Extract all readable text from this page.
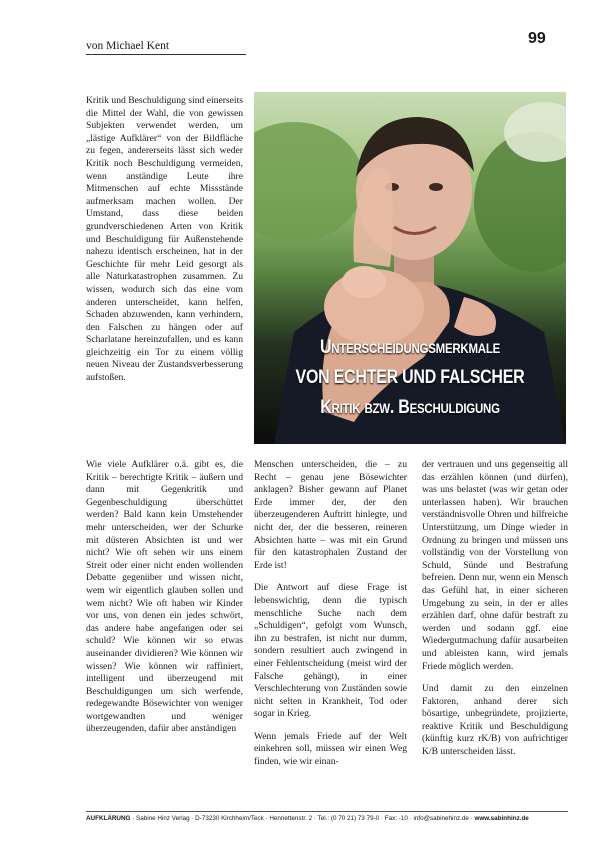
von Michael Kent	99

Kritik und Beschuldigung sind einerseits die Mittel der Wahl, die von gewissen Subjekten verwendet werden, um „lästige Aufklärer“ von der Bildfläche zu fegen, andererseits lässt sich weder Kritik noch Beschuldigung vermeiden, wenn anständige Leute ihre Mitmenschen auf echte Missstände aufmerksam machen wollen. Der Umstand, dass diese beiden grundverschiedenen Arten von Kritik und Beschuldigung für Außenstehende nahezu identisch erscheinen, hat in der Geschichte für mehr Leid gesorgt als alle Naturkatastrophen zusammen. Zu wissen, wodurch sich das eine vom anderen unterscheidet, kann helfen, Schaden abzuwenden, kann verhindern, den Falschen zu hängen oder auf Scharlatane hereinzufallen, und es kann gleichzeitig ein Tor zu einem völlig neuen Niveau der Zustandsverbesserung aufstoßen.

Unterscheidungsmerkmale
VON ECHTER UND FALSCHER
Kritik bzw. Beschuldigung

Wie viele Aufklärer o.ä. gibt es, die Kritik – berechtigte Kritik – äußern und dann mit Gegenkritik und Gegenbeschuldigung überschüttet werden? Bald kann kein Umstehender mehr unterscheiden, wer der Schurke mit düsteren Absichten ist und wer nicht? Wie oft sehen wir uns einem Streit oder einer nicht enden wollenden Debatte gegenüber und wissen nicht, wem wir eigentlich glauben sollen und wem nicht? Wie oft haben wir Kinder vor uns, von denen ein jedes schwört, das andere habe angefangen oder sei schuld? Wie können wir so etwas auseinander dividieren? Wie können wir wissen? Wie können wir raffiniert, intelligent und überzeugend mit Beschuldigungen um sich werfende, redegewandte Bösewichter von weniger wortgewandten und weniger überzeugenden, dafür aber anständigen

Menschen unterscheiden, die – zu Recht – genau jene Bösewichter anklagen? Bisher gewann auf Planet Erde immer der, der den überzeugenderen Auftritt hinlegte, und nicht der, der die besseren, reineren Absichten hatte – was mit ein Grund für den katastrophalen Zustand der Erde ist!

Die Antwort auf diese Frage ist lebenswichtig, denn die typisch menschliche Suche nach dem „Schuldigen“, gefolgt vom Wunsch, ihn zu bestrafen, ist nicht nur dumm, sondern resultiert auch zwingend in einer Fehlentscheidung (meist wird der Falsche gehängt), in einer Verschlechterung von Zuständen sowie nicht selten in Krankheit, Tod oder sogar in Krieg.

Wenn jemals Friede auf der Welt einkehren soll, müssen wir einen Weg finden, wie wir einan-

der vertrauen und uns gegenseitig all das erzählen können (und dürfen), was uns belastet (was wir getan oder unterlassen haben). Wir brauchen verständnisvolle Ohren und hilfreiche Unterstützung, um Dinge wieder in Ordnung zu bringen und müssen uns vollständig von der Vorstellung von Schuld, Sünde und Bestrafung befreien. Denn nur, wenn ein Mensch das Gefühl hat, in einer sicheren Umgebung zu sein, in der er alles erzählen darf, ohne dafür bestraft zu werden und sodann ggf. eine Wiedergutmachung dafür ausarbeiten und ableisten kann, wird jemals Friede möglich werden.

Und damit zu den einzelnen Faktoren, anhand derer sich bösartige, unbegründete, projizierte, reaktive Kritik und Beschuldigung (künftig kurz rK/B) von aufrichtiger K/B unterscheiden lässt.

AUFKLÄRUNG · Sabine Hinz Verlag · D-73230 Kirchheim/Teck · Henriettenstr. 2 · Tel.: (0 70 21) 73 79-0 · Fax: -10 · info@sabinehinz.de · www.sabinhinz.de
